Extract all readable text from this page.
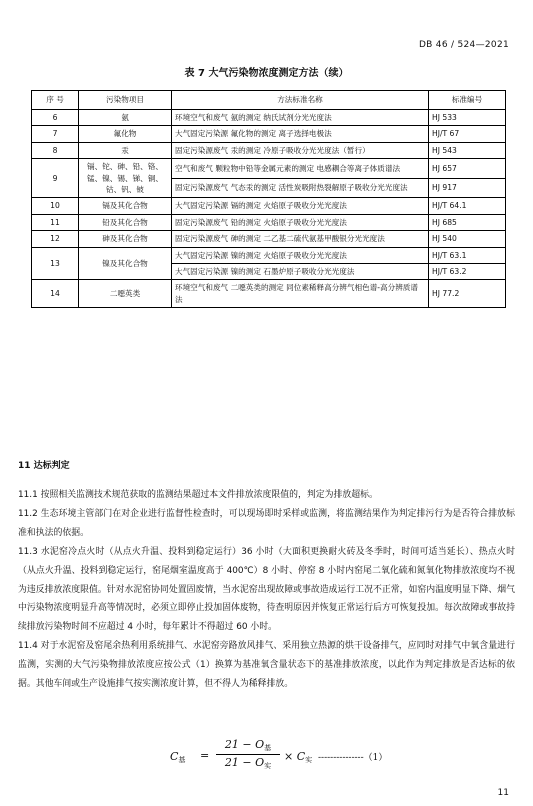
DB 46 / 524—2021
表 7 大气污染物浓度测定方法（续）
序 号	污染物项目	方法标准名称	标准编号
6	氨	环境空气和废气 氨的测定 纳氏试剂分光光度法	HJ 533
7	氟化物	大气固定污染源 氟化物的测定 离子选择电极法	HJ/T 67
8	汞	固定污染源废气 汞的测定 冷原子吸收分光光度法（暂行）	HJ 543
9	镉、铊、砷、铅、铬、锰、镍、锡、锑、铜、钴、钒、铍	空气和废气 颗粒物中铅等金属元素的测定 电感耦合等离子体质谱法	HJ 657
		固定污染源废气 气态汞的测定 活性炭吸附热裂解原子吸收分光光度法	HJ 917
10	镉及其化合物	大气固定污染源 镉的测定 火焰原子吸收分光光度法	HJ/T 64.1
11	铅及其化合物	固定污染源废气 铅的测定 火焰原子吸收分光光度法	HJ 685
12	砷及其化合物	固定污染源废气 砷的测定 二乙基二硫代氨基甲酸银分光光度法	HJ 540
13	镍及其化合物	大气固定污染源 镍的测定 火焰原子吸收分光光度法	HJ/T 63.1
		大气固定污染源 镍的测定 石墨炉原子吸收分光光度法	HJ/T 63.2
14	二噁英类	环境空气和废气 二噁英类的测定 同位素稀释高分辨气相色谱-高分辨质谱法	HJ 77.2
11 达标判定
11.1 按照相关监测技术规范获取的监测结果超过本文件排放浓度限值的，判定为排放超标。
11.2 生态环境主管部门在对企业进行监督性检查时，可以现场即时采样或监测，将监测结果作为判定排污行为是否符合排放标准和执法的依据。
11.3 水泥窑冷点火时（从点火升温、投料到稳定运行）36 小时（大面积更换耐火砖及冬季时，时间可适当延长）、热点火时（从点火升温、投料到稳定运行，窑尾烟室温度高于 400℃）8 小时、停窑 8 小时内窑尾二氧化硫和氮氧化物排放浓度均不视为违反排放浓度限值。针对水泥窑协同处置固废情，当水泥窑出现故障或事故造成运行工况不正常，如窑内温度明显下降、烟气中污染物浓度明显升高等情况时，必须立即停止投加固体废物，待查明原因并恢复正常运行后方可恢复投加。每次故障或事故持续排放污染物时间不应超过 4 小时，每年累计不得超过 60 小时。
11.4 对于水泥窑及窑尾余热利用系统排气、水泥窑旁路放风排气、采用独立热源的烘干设备排气，应同时对排气中氧含量进行监测，实测的大气污染物排放浓度应按公式（1）换算为基准氧含量状态下的基准排放浓度，以此作为判定排放是否达标的依据。其他车间或生产设施排气按实测浓度计算，但不得人为稀释排放。
$C_基$ =
$21 - O_基$
$21 - O_实$
× $C_实$ ---------------（1）
11
